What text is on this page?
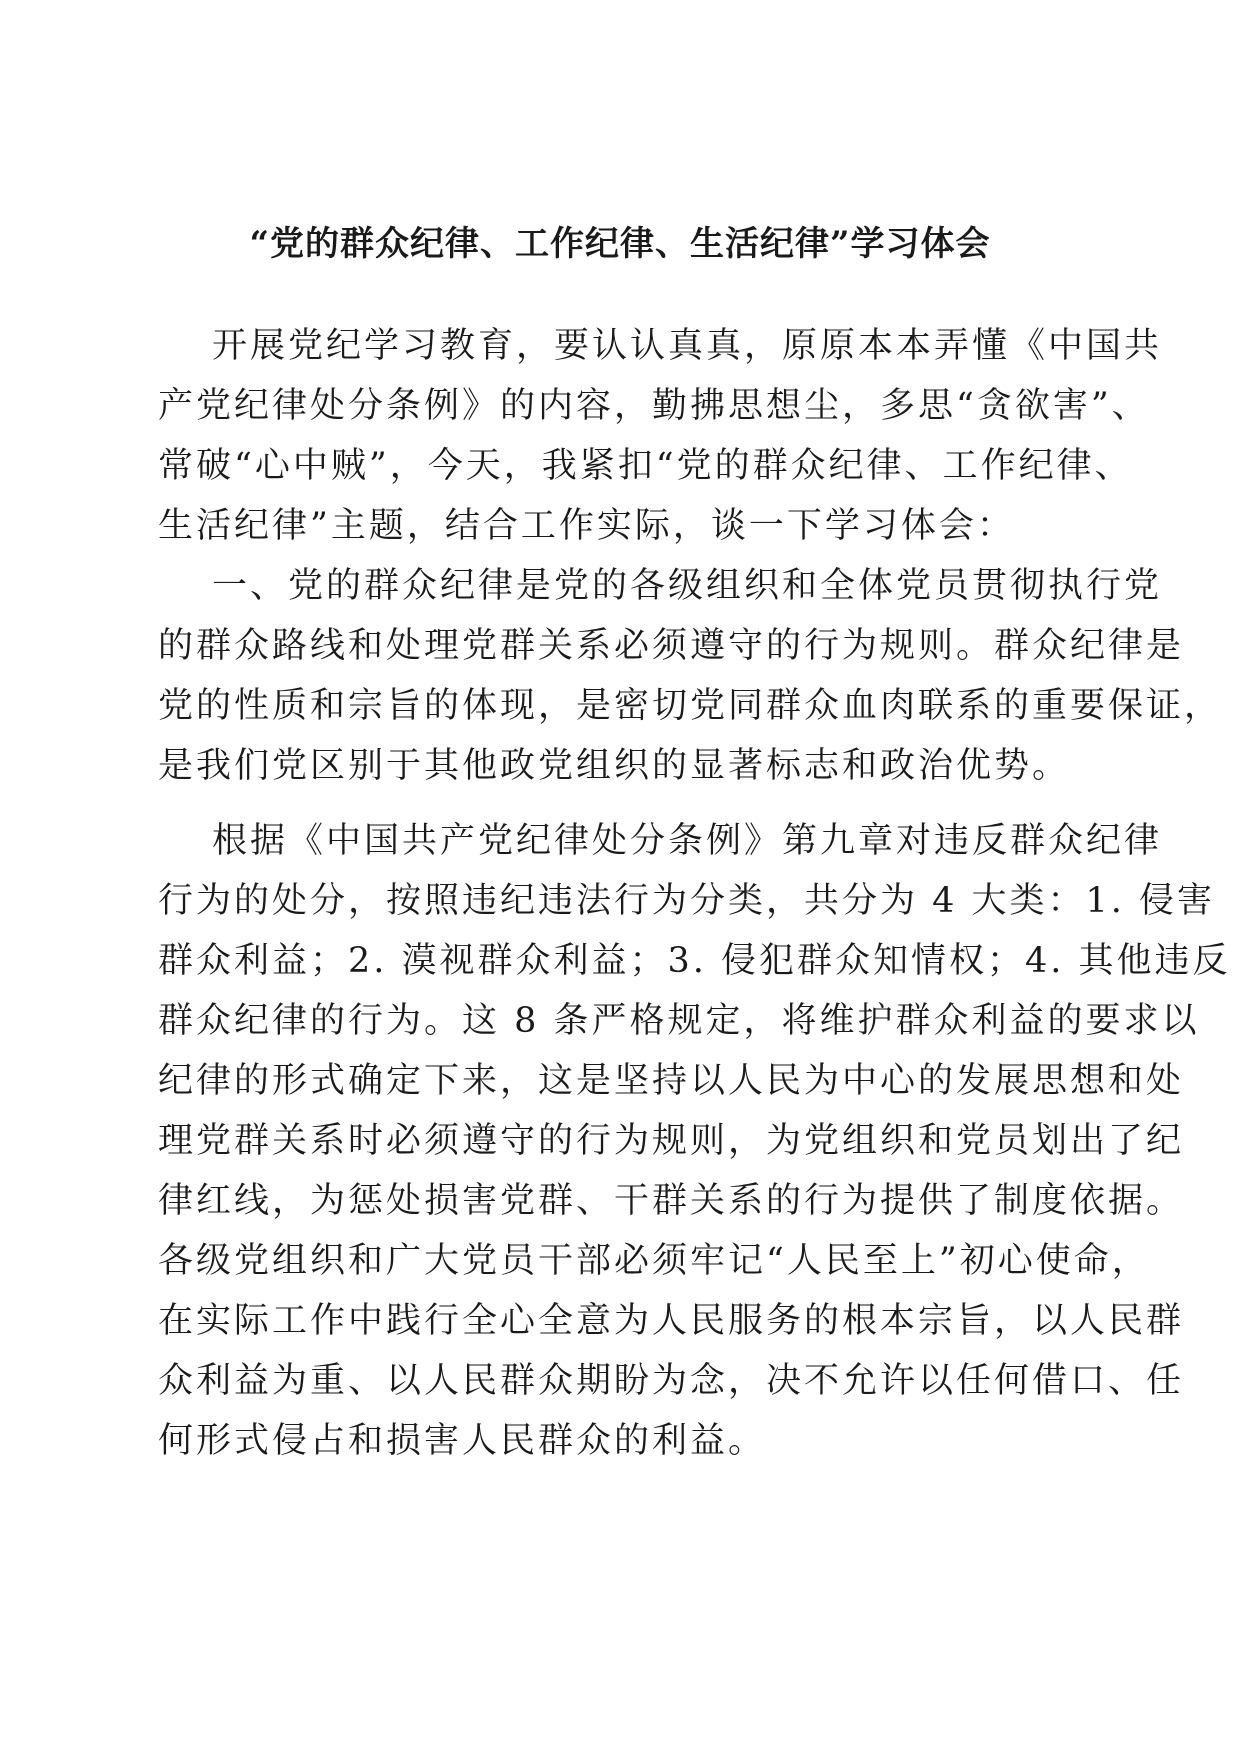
“党的群众纪律、工作纪律、生活纪律”学习体会
开展党纪学习教育，要认认真真，原原本本弄懂《中国共
产党纪律处分条例》的内容，勤拂思想尘，多思“贪欲害”、
常破“心中贼”，今天，我紧扣“党的群众纪律、工作纪律、
生活纪律”主题，结合工作实际，谈一下学习体会：
一、党的群众纪律是党的各级组织和全体党员贯彻执行党
的群众路线和处理党群关系必须遵守的行为规则。群众纪律是
党的性质和宗旨的体现，是密切党同群众血肉联系的重要保证，
是我们党区别于其他政党组织的显著标志和政治优势。
根据《中国共产党纪律处分条例》第九章对违反群众纪律
行为的处分，按照违纪违法行为分类，共分为 4 大类：1. 侵害
群众利益；2. 漠视群众利益；3. 侵犯群众知情权；4. 其他违反
群众纪律的行为。这 8 条严格规定，将维护群众利益的要求以
纪律的形式确定下来，这是坚持以人民为中心的发展思想和处
理党群关系时必须遵守的行为规则，为党组织和党员划出了纪
律红线，为惩处损害党群、干群关系的行为提供了制度依据。
各级党组织和广大党员干部必须牢记“人民至上”初心使命，
在实际工作中践行全心全意为人民服务的根本宗旨，以人民群
众利益为重、以人民群众期盼为念，决不允许以任何借口、任
何形式侵占和损害人民群众的利益。
